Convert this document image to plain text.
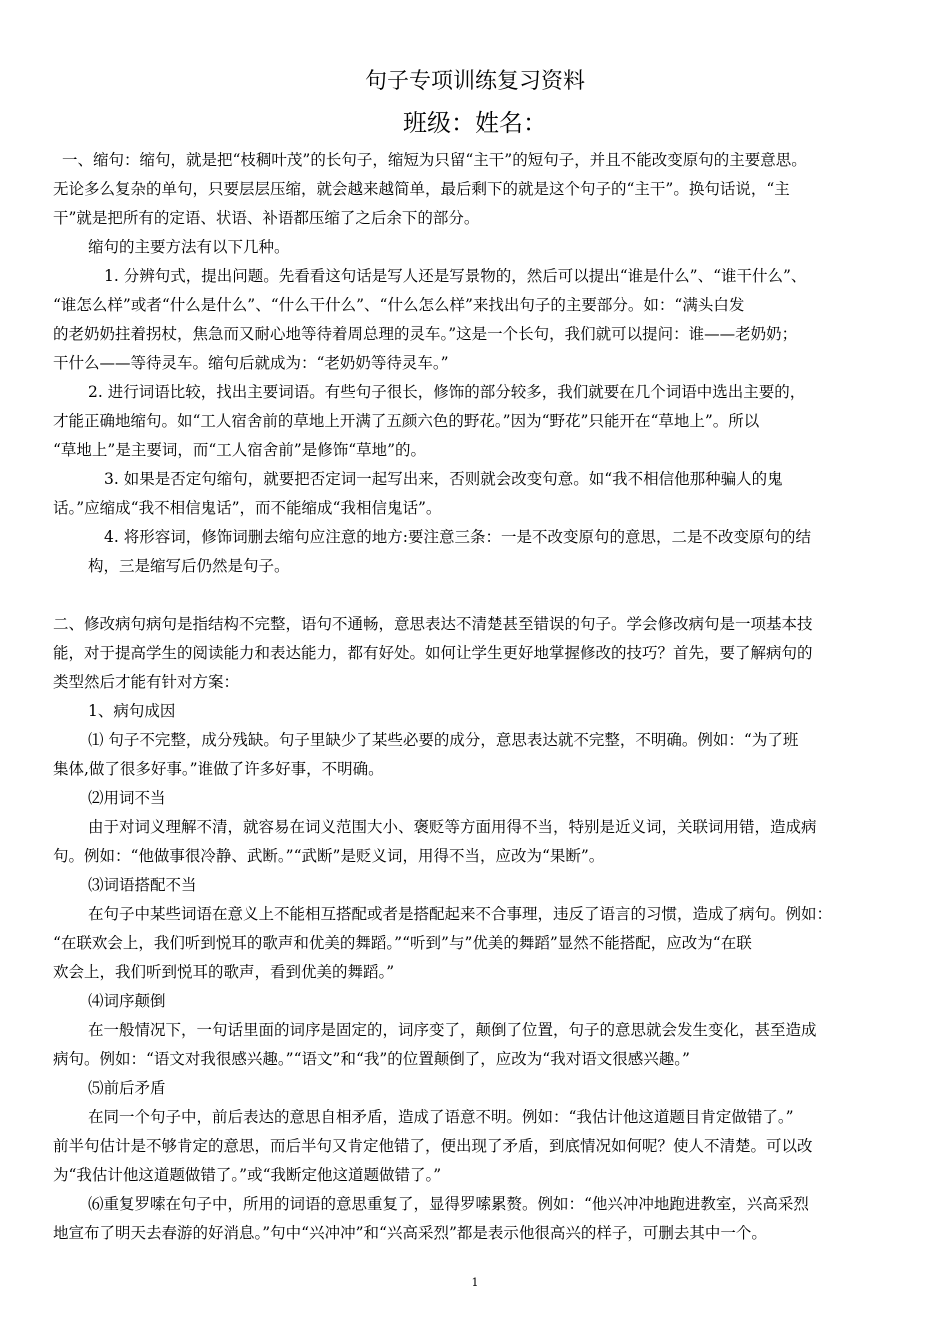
句子专项训练复习资料
班级：姓名：
一、缩句：缩句，就是把“枝稠叶茂”的长句子，缩短为只留“主干”的短句子，并且不能改变原句的主要意思。
无论多么复杂的单句，只要层层压缩，就会越来越简单，最后剩下的就是这个句子的“主干”。换句话说，“主
干”就是把所有的定语、状语、补语都压缩了之后余下的部分。
缩句的主要方法有以下几种。
1. 分辨句式，提出问题。先看看这句话是写人还是写景物的，然后可以提出“谁是什么”、“谁干什么”、
“谁怎么样”或者“什么是什么”、“什么干什么”、“什么怎么样”来找出句子的主要部分。如：“满头白发
的老奶奶拄着拐杖，焦急而又耐心地等待着周总理的灵车。”这是一个长句，我们就可以提问：谁——老奶奶；
干什么——等待灵车。缩句后就成为：“老奶奶等待灵车。”
2. 进行词语比较，找出主要词语。有些句子很长，修饰的部分较多，我们就要在几个词语中选出主要的，
才能正确地缩句。如“工人宿舍前的草地上开满了五颜六色的野花。”因为“野花”只能开在“草地上”。所以
“草地上”是主要词，而“工人宿舍前”是修饰“草地”的。
3. 如果是否定句缩句，就要把否定词一起写出来，否则就会改变句意。如“我不相信他那种骗人的鬼
话。”应缩成“我不相信鬼话”，而不能缩成“我相信鬼话”。
4. 将形容词，修饰词删去缩句应注意的地方:要注意三条：一是不改变原句的意思，二是不改变原句的结
构，三是缩写后仍然是句子。
二、修改病句病句是指结构不完整，语句不通畅，意思表达不清楚甚至错误的句子。学会修改病句是一项基本技
能，对于提高学生的阅读能力和表达能力，都有好处。如何让学生更好地掌握修改的技巧？首先，要了解病句的
类型然后才能有针对方案：
1、病句成因
⑴ 句子不完整，成分残缺。句子里缺少了某些必要的成分，意思表达就不完整，不明确。例如：“为了班
集体,做了很多好事。”谁做了许多好事，不明确。
⑵用词不当
由于对词义理解不清，就容易在词义范围大小、褒贬等方面用得不当，特别是近义词，关联词用错，造成病
句。例如：“他做事很冷静、武断。”“武断”是贬义词，用得不当，应改为“果断”。
⑶词语搭配不当
在句子中某些词语在意义上不能相互搭配或者是搭配起来不合事理，违反了语言的习惯，造成了病句。例如：
“在联欢会上，我们听到悦耳的歌声和优美的舞蹈。”“听到”与”优美的舞蹈”显然不能搭配，应改为“在联
欢会上，我们听到悦耳的歌声，看到优美的舞蹈。”
⑷词序颠倒
在一般情况下，一句话里面的词序是固定的，词序变了，颠倒了位置，句子的意思就会发生变化，甚至造成
病句。例如：“语文对我很感兴趣。”“语文”和“我”的位置颠倒了，应改为“我对语文很感兴趣。”
⑸前后矛盾
在同一个句子中，前后表达的意思自相矛盾，造成了语意不明。例如：“我估计他这道题目肯定做错了。”
前半句估计是不够肯定的意思，而后半句又肯定他错了，便出现了矛盾，到底情况如何呢？使人不清楚。可以改
为“我估计他这道题做错了。”或“我断定他这道题做错了。”
⑹重复罗嗦在句子中，所用的词语的意思重复了，显得罗嗦累赘。例如：“他兴冲冲地跑进教室，兴高采烈
地宣布了明天去春游的好消息。”句中“兴冲冲”和“兴高采烈”都是表示他很高兴的样子，可删去其中一个。
1
